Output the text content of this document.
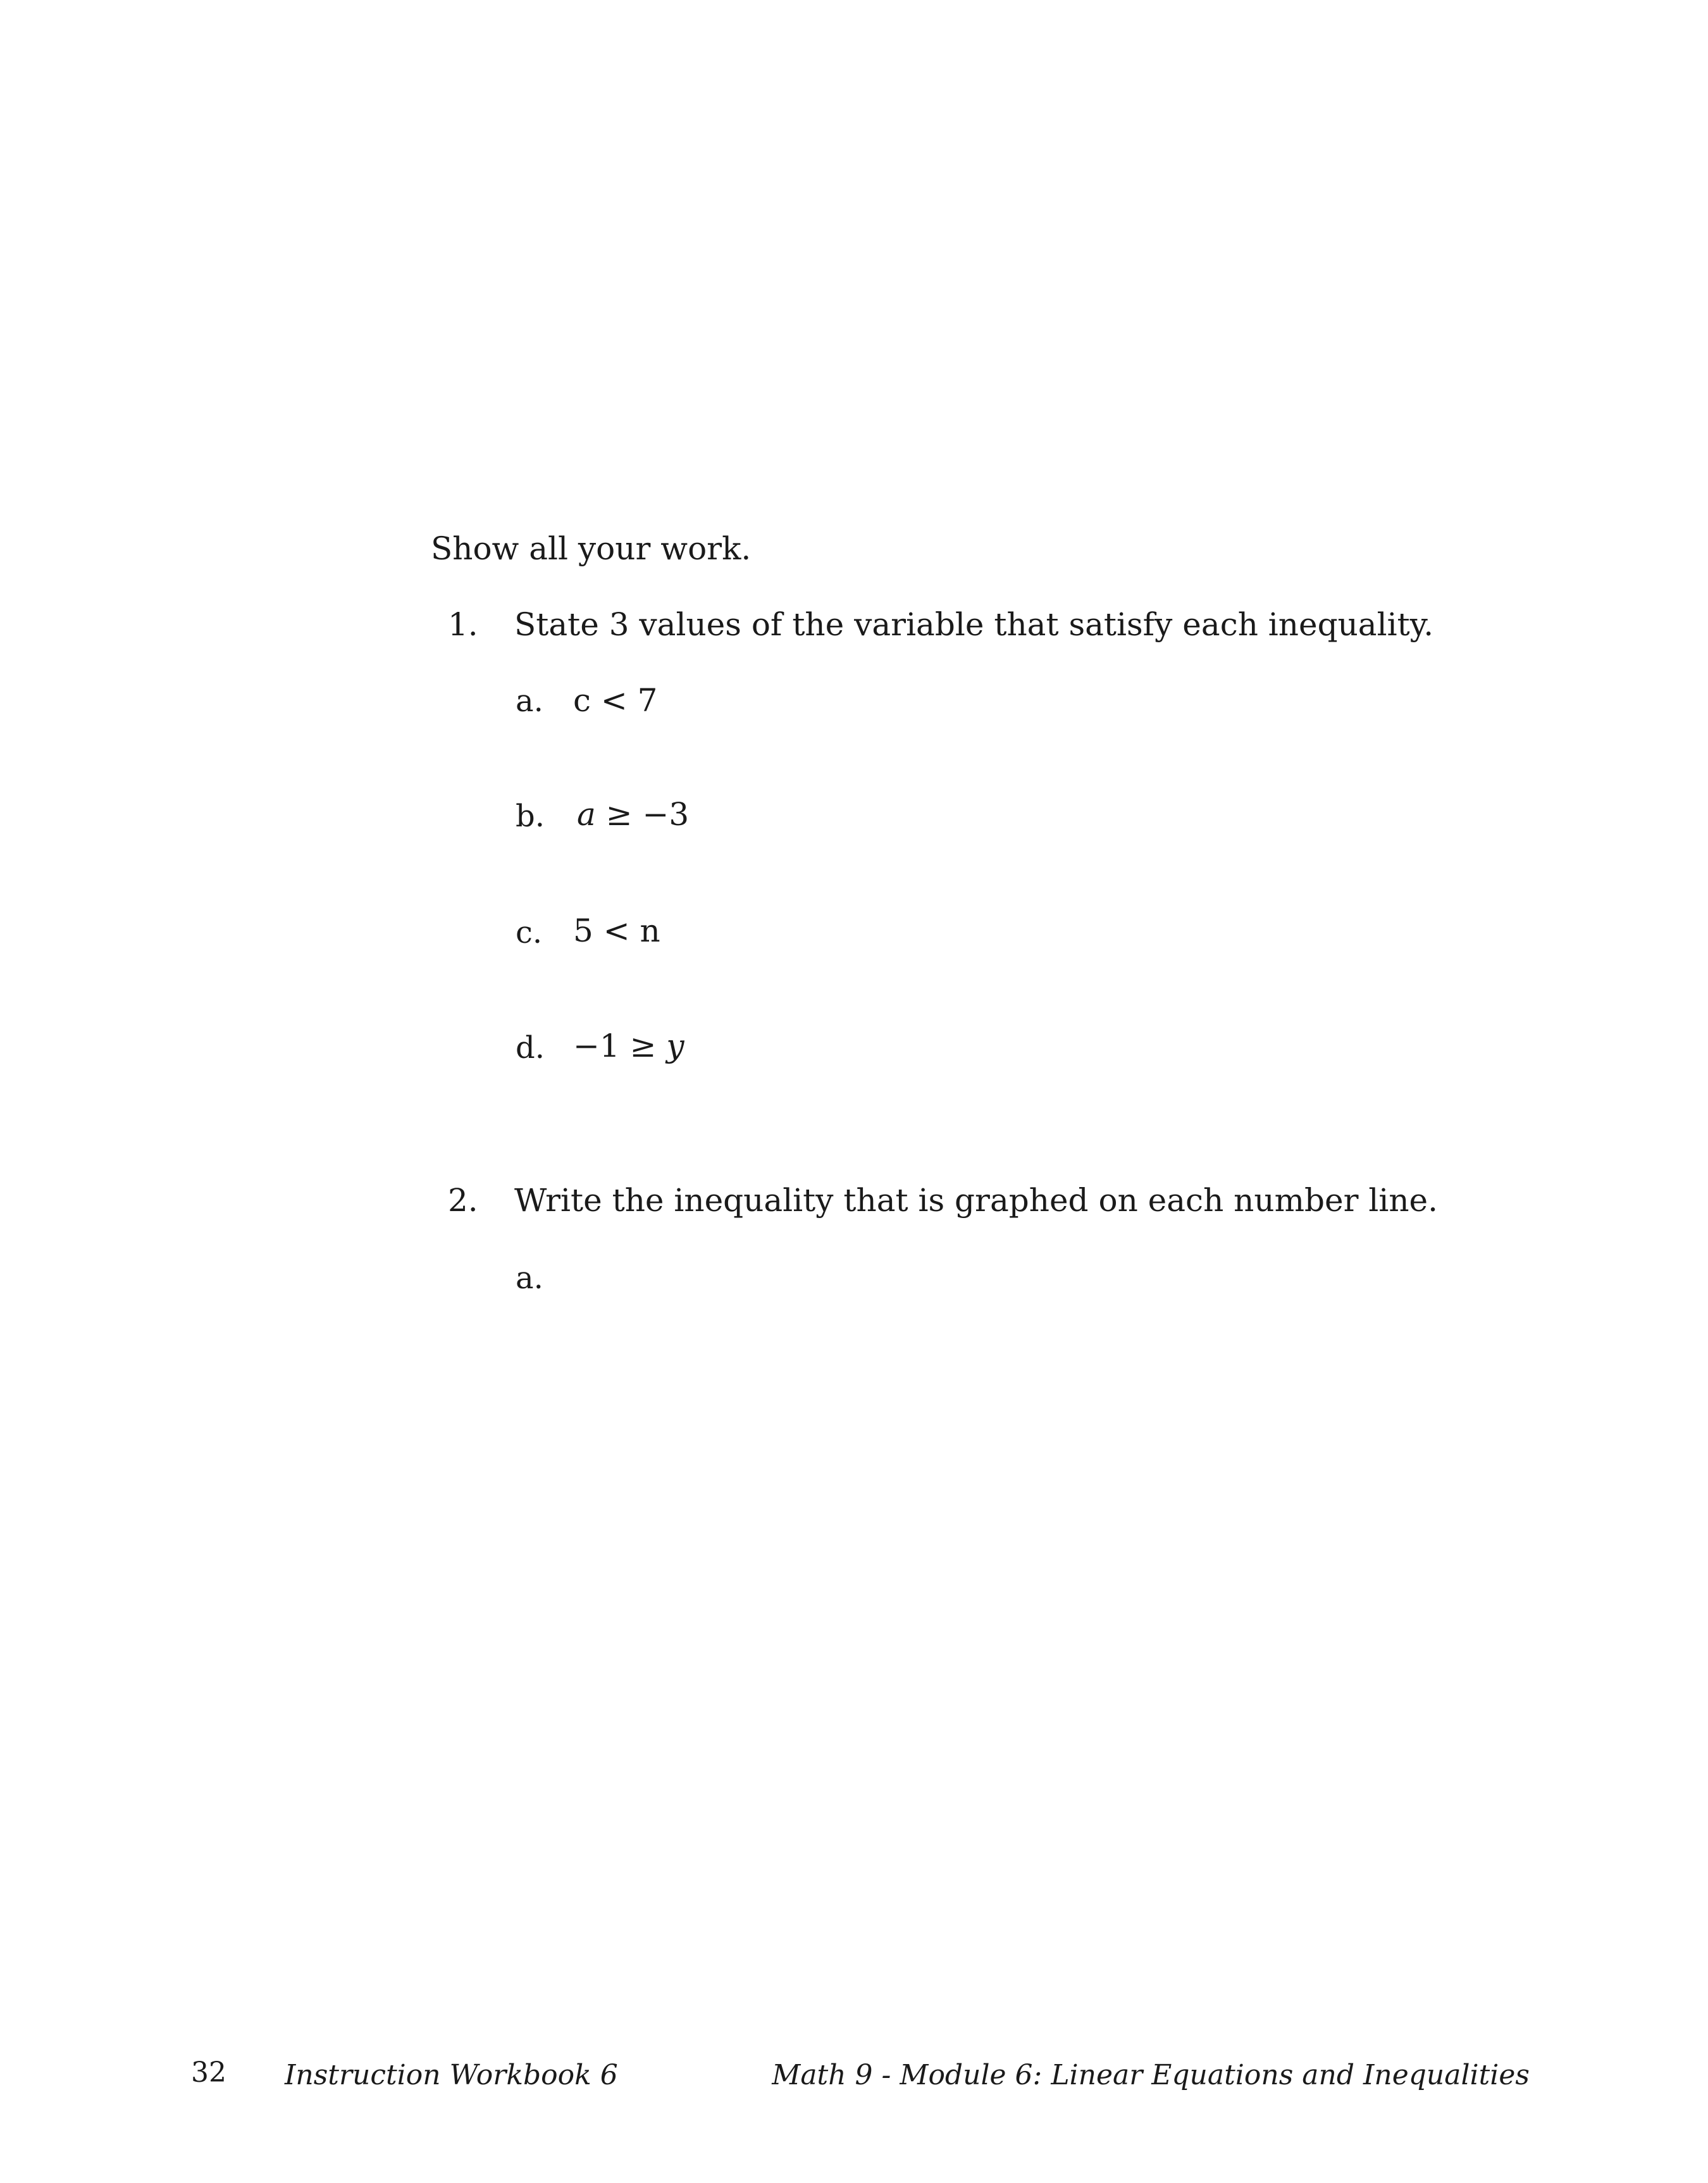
Show all your work.
1. State 3 values of the variable that satisfy each inequality.
a. c < 7
b. a ≥ −3
c. 5 < n
d. −1 ≥ y
2. Write the inequality that is graphed on each number line.
a.
32 Instruction Workbook 6	Math 9 - Module 6: Linear Equations and Inequalities
